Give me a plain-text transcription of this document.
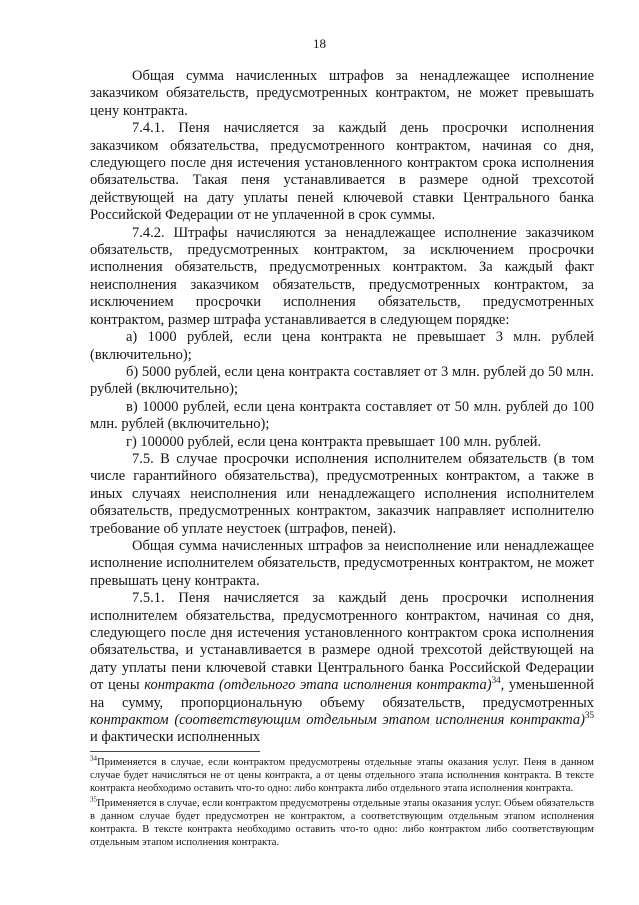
18

Общая сумма начисленных штрафов за ненадлежащее исполнение заказчиком обязательств, предусмотренных контрактом, не может превышать цену контракта.

7.4.1. Пеня начисляется за каждый день просрочки исполнения заказчиком обязательства, предусмотренного контрактом, начиная со дня, следующего после дня истечения установленного контрактом срока исполнения обязательства. Такая пеня устанавливается в размере одной трехсотой действующей на дату уплаты пеней ключевой ставки Центрального банка Российской Федерации от не уплаченной в срок суммы.

7.4.2. Штрафы начисляются за ненадлежащее исполнение заказчиком обязательств, предусмотренных контрактом, за исключением просрочки исполнения обязательств, предусмотренных контрактом. За каждый факт неисполнения заказчиком обязательств, предусмотренных контрактом, за исключением просрочки исполнения обязательств, предусмотренных контрактом, размер штрафа устанавливается в следующем порядке:

а) 1000 рублей, если цена контракта не превышает 3 млн. рублей (включительно);

б) 5000 рублей, если цена контракта составляет от 3 млн. рублей до 50 млн. рублей (включительно);

в) 10000 рублей, если цена контракта составляет от 50 млн. рублей до 100 млн. рублей (включительно);

г) 100000 рублей, если цена контракта превышает 100 млн. рублей.

7.5. В случае просрочки исполнения исполнителем обязательств (в том числе гарантийного обязательства), предусмотренных контрактом, а также в иных случаях неисполнения или ненадлежащего исполнения исполнителем обязательств, предусмотренных контрактом, заказчик направляет исполнителю требование об уплате неустоек (штрафов, пеней).

Общая сумма начисленных штрафов за неисполнение или ненадлежащее исполнение исполнителем обязательств, предусмотренных контрактом, не может превышать цену контракта.

7.5.1. Пеня начисляется за каждый день просрочки исполнения исполнителем обязательства, предусмотренного контрактом, начиная со дня, следующего после дня истечения установленного контрактом срока исполнения обязательства, и устанавливается в размере одной трехсотой действующей на дату уплаты пени ключевой ставки Центрального банка Российской Федерации от цены контракта (отдельного этапа исполнения контракта)$^{34}$, уменьшенной на сумму, пропорциональную объему обязательств, предусмотренных контрактом (соответствующим отдельным этапом исполнения контракта)$^{35}$ и фактически исполненных

$^{34}$Применяется в случае, если контрактом предусмотрены отдельные этапы оказания услуг. Пеня в данном случае будет начисляться не от цены контракта, а от цены отдельного этапа исполнения контракта. В тексте контракта необходимо оставить что-то одно: либо контракта либо отдельного этапа исполнения контракта.

$^{35}$Применяется в случае, если контрактом предусмотрены отдельные этапы оказания услуг. Объем обязательств в данном случае будет предусмотрен не контрактом, а соответствующим отдельным этапом исполнения контракта. В тексте контракта необходимо оставить что-то одно: либо контрактом либо соответствующим отдельным этапом исполнения контракта.
